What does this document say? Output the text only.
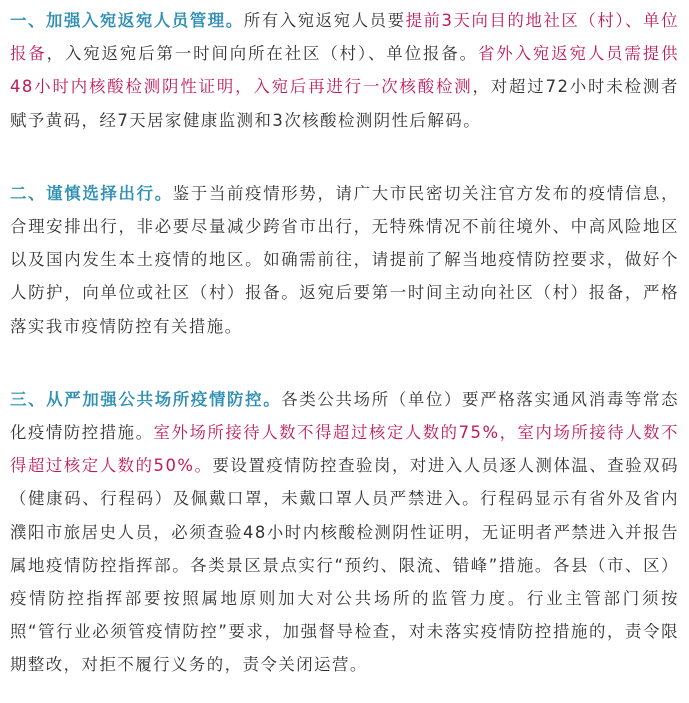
一、加强入宛返宛人员管理。所有入宛返宛人员要提前3天向目的地社区（村）、单位报备，入宛返宛后第一时间向所在社区（村）、单位报备。省外入宛返宛人员需提供48小时内核酸检测阴性证明，入宛后再进行一次核酸检测，对超过72小时未检测者赋予黄码，经7天居家健康监测和3次核酸检测阴性后解码。

二、谨慎选择出行。鉴于当前疫情形势，请广大市民密切关注官方发布的疫情信息，合理安排出行，非必要尽量减少跨省市出行，无特殊情况不前往境外、中高风险地区以及国内发生本土疫情的地区。如确需前往，请提前了解当地疫情防控要求，做好个人防护，向单位或社区（村）报备。返宛后要第一时间主动向社区（村）报备，严格落实我市疫情防控有关措施。

三、从严加强公共场所疫情防控。各类公共场所（单位）要严格落实通风消毒等常态化疫情防控措施。室外场所接待人数不得超过核定人数的75%，室内场所接待人数不得超过核定人数的50%。要设置疫情防控查验岗，对进入人员逐人测体温、查验双码（健康码、行程码）及佩戴口罩，未戴口罩人员严禁进入。行程码显示有省外及省内濮阳市旅居史人员，必须查验48小时内核酸检测阴性证明，无证明者严禁进入并报告属地疫情防控指挥部。各类景区景点实行“预约、限流、错峰”措施。各县（市、区）疫情防控指挥部要按照属地原则加大对公共场所的监管力度。行业主管部门须按照“管行业必须管疫情防控”要求，加强督导检查，对未落实疫情防控措施的，责令限期整改，对拒不履行义务的，责令关闭运营。
